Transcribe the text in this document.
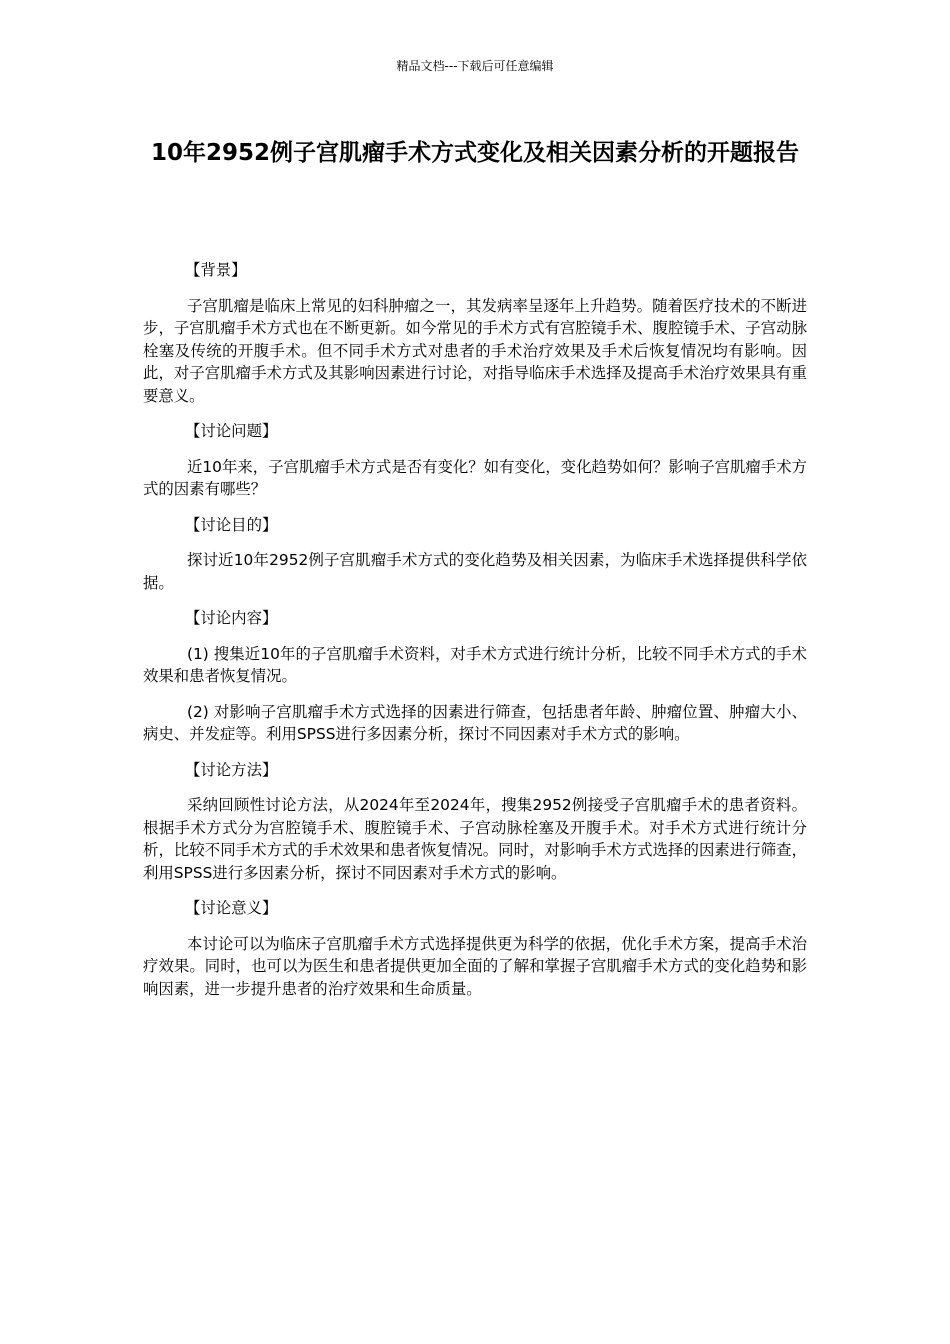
精品文档---下载后可任意编辑
10年2952例子宫肌瘤手术方式变化及相关因素分析的开题报告
【背景】
子宫肌瘤是临床上常见的妇科肿瘤之一，其发病率呈逐年上升趋势。随着医疗技术的不断进步，子宫肌瘤手术方式也在不断更新。如今常见的手术方式有宫腔镜手术、腹腔镜手术、子宫动脉栓塞及传统的开腹手术。但不同手术方式对患者的手术治疗效果及手术后恢复情况均有影响。因此，对子宫肌瘤手术方式及其影响因素进行讨论，对指导临床手术选择及提高手术治疗效果具有重要意义。
【讨论问题】
近10年来，子宫肌瘤手术方式是否有变化？如有变化，变化趋势如何？影响子宫肌瘤手术方式的因素有哪些？
【讨论目的】
探讨近10年2952例子宫肌瘤手术方式的变化趋势及相关因素，为临床手术选择提供科学依据。
【讨论内容】
(1) 搜集近10年的子宫肌瘤手术资料，对手术方式进行统计分析，比较不同手术方式的手术效果和患者恢复情况。
(2) 对影响子宫肌瘤手术方式选择的因素进行筛查，包括患者年龄、肿瘤位置、肿瘤大小、病史、并发症等。利用SPSS进行多因素分析，探讨不同因素对手术方式的影响。
【讨论方法】
采纳回顾性讨论方法，从2024年至2024年，搜集2952例接受子宫肌瘤手术的患者资料。根据手术方式分为宫腔镜手术、腹腔镜手术、子宫动脉栓塞及开腹手术。对手术方式进行统计分析，比较不同手术方式的手术效果和患者恢复情况。同时，对影响手术方式选择的因素进行筛查，利用SPSS进行多因素分析，探讨不同因素对手术方式的影响。
【讨论意义】
本讨论可以为临床子宫肌瘤手术方式选择提供更为科学的依据，优化手术方案，提高手术治疗效果。同时，也可以为医生和患者提供更加全面的了解和掌握子宫肌瘤手术方式的变化趋势和影响因素，进一步提升患者的治疗效果和生命质量。
